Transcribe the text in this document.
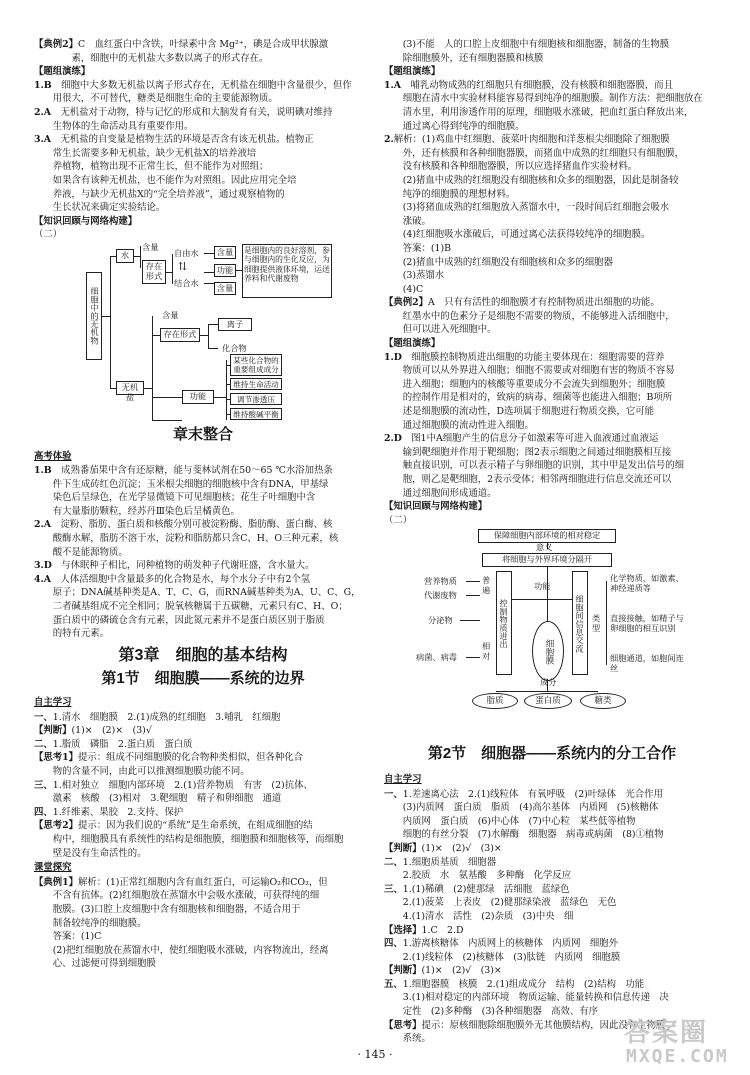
【典例2】C　血红蛋白中含铁，叶绿素中含 Mg²⁺，碘是合成甲状腺激

　　　　素，细胞中的无机盐大多数以离子的形式存在。

【题组演练】

1.B　细胞中大多数无机盐以离子形式存在，无机盐在细胞中含量很少，但作

　　用很大，不可替代，糖类是细胞生命的主要能源物质。

2.A　无机盐对于动物，特与记忆的形成和大脑发育有关，说明碘对维持

　　生物体的生命活动具有重要作用。

3.A　无机盐的自变量是植物生活的环境是否含有该无机盐。植物正

　　常生长需要多种无机盐，缺少无机盐X的培养液培

　　养植物，植物出现不正常生长，但不能作为对照组；

　　如果含有该种无机盐，也不能作为对照组。因此应用完全培

　　养液，与缺少无机盐X的“完全培养液”，通过观察植物的

　　生长状况来确定实验结论。

【知识回顾与网络构建】

（二）

细胞中的无机物
水
含量
存在形式
自由水
结合水
⇅
含量
功能
含量
是细胞内的良好溶剂，参与细胞内的生化反应，为细胞提供液体环境，运送养料和代谢废物
无机盐
含量
存在形式
离子
化合物
功能
某些化合物的重要组成成分
维持生命活动
调节渗透压
维持酸碱平衡
章末整合
高考体验

1.B　成熟番茄果中含有还原糖，能与斐林试剂在50～65 ℃水浴加热条

　　件下生成砖红色沉淀；玉米根尖细胞的细胞核中含有DNA，甲基绿

　　染色后呈绿色，在光学显微镜下可见细胞核；花生子叶细胞中含

　　有大量脂肪颗粒，经苏丹Ⅲ染色后呈橘黄色。

2.A　淀粉、脂肪、蛋白质和核酸分别可被淀粉酶、脂肪酶、蛋白酶、核

　　酸酶水解，脂肪不溶于水，淀粉和脂肪都只含C、H、O三种元素，核

　　酸不是能源物质。

3.D　与休眠种子相比，同种植物的萌发种子代谢旺盛，含水量大。

4.A　人体活细胞中含量最多的化合物是水，每个水分子中有2个氢

　　原子；DNA碱基种类是A、T、C、G，而RNA碱基种类为A、U、C、G，

　　二者碱基组成不完全相同；脱氧核糖属于五碳糖，元素只有C、H、O；

　　蛋白质中的磷硫仓含有元素，因此氮元素并不是蛋白质区别于脂质

　　的特有元素。

第3章　细胞的基本结构
第1节　细胞膜——系统的边界
自主学习

一、1.清水　细胞膜　2.(1)成熟的红细胞　3.哺乳　红细胞

【判断】(1)×　(2)×　(3)√

二、1.脂质　磷脂　2.蛋白质　蛋白质

【思考1】提示：组成不同细胞膜的化合物种类相似，但各种化合

　　物的含量不同，由此可以推测细胞膜功能不同。

三、1.相对独立　细胞内部环境　2.(1)营养物质　有害　(2)抗体、

　　激素　核酸　(3)相对　3.靶细胞　精子和卵细胞　通道

四、1.纤维素、果胶　2.支持、保护

【思考2】提示：因为我们说的“系统”是生命系统，在组成细胞的结

　　构中，细胞膜具有系统性的结构是细胞膜，细胞膜和细胞核等，而细胞

　　壁是没有生命活性的。

课堂探究

【典例1】解析：(1)正常红细胞内含有血红蛋白，可运输O₂和CO₂，但

　　不含有抗体。(2)红细胞放在蒸馏水中会吸水涨破，可获得纯的细

　　胞膜。(3)口腔上皮细胞中含有细胞核和细胞器，不适合用于

　　制备较纯净的细胞膜。

　　答案：(1)C

　　(2)把红细胞放在蒸馏水中，使红细胞吸水涨破，内容物流出，经离

　　心、过滤便可得到细胞膜

　　(3)不能　人的口腔上皮细胞中有细胞核和细胞器，制备的生物膜

　　除细胞膜外，还有细胞器膜和核膜

【题组演练】

1.A　哺乳动物成熟的红细胞只有细胞膜，没有核膜和细胞器膜，而且

　　细胞在清水中实验材料能容易得到纯净的细胞膜。制作方法：把细胞放在

　　清水里，利用渗透作用的原理，细胞吸水涨破，把血红蛋白释放出来，

　　通过离心得到纯净的细胞膜。

2.解析：(1)鸡血中红细胞、菠菜叶肉细胞和洋葱根尖细胞除了细胞膜

　　外，还有核膜和各种细胞器膜，而猪血中成熟的红细胞只有细胞膜，

　　没有核膜和各种细胞器膜，所以应选择猪血作实验材料。

　　(2)猪血中成熟的红细胞没有细胞核和众多的细胞器，因此是制备较

　　纯净的细胞膜的理想材料。

　　(3)将猪血成熟的红细胞放入蒸馏水中，一段时间后红细胞会吸水

　　涨破。

　　(4)红细胞吸水涨破后，可通过离心法获得较纯净的细胞膜。

　　答案：(1)B

　　(2)猪血中成熟的红细胞没有细胞核和众多的细胞器

　　(3)蒸馏水

　　(4)C

【典例2】A　只有有活性的细胞膜才有控制物质进出细胞的功能。

　　红墨水中的色素分子是细胞不需要的物质，不能够进入活细胞中，

　　但可以进入死细胞中。

【题组演练】

1.D　细胞膜控制物质进出细胞的功能主要体现在：细胞需要的营养

　　物质可以从外界进入细胞；细胞不需要或对细胞有害的物质不容易

　　进入细胞；细胞内的核酸等重要成分不会流失到细胞外；细胞膜

　　的控制作用是相对的，致病的病毒、细菌等也能进入细胞；B项所

　　述是细胞膜的流动性，D选项属于细胞进行物质交换，它可能

　　通过细胞膜的流动性进入细胞。

2.D　图1中A细胞产生的信息分子如激素等可进入血液通过血液运

　　输到靶细胞并作用于靶细胞；图2表示细胞之间通过细胞膜相互接

　　触直接识别，可以表示精子与卵细胞的识别，其中甲是发出信号的细

　　胞，则乙是靶细胞，2表示受体；相邻两细胞进行信息交流还可以

　　通过细胞间形成通道。

【知识回顾与网络构建】

（二）

保障细胞内部环境的相对稳定
意义
将细胞与外界环境分隔开
营养物质
代谢废物
分泌物
病菌、病毒
普遍
相对
控制物质进出
功能
细胞膜	细胞间信息交流 类型
化学物质，如激素、神经递质等
直接接触，如精子与卵细胞的相互识别
细胞通道，如胞间连丝
成分
脂质	蛋白质	糖类
第2节　细胞器——系统内的分工合作
自主学习

一、1.差速离心法　2.(1)线粒体　有氧呼吸　(2)叶绿体　光合作用

　　(3)内质网　蛋白质　脂质　(4)高尔基体　内质网　(5)核糖体

　　内质网　蛋白质　(6)中心体　(7)中心粒　某些低等植物

　　细胞的有丝分裂　(7)水解酶　细胞器　病毒或病菌　(8)①植物

【判断】(1)×　(2)√　(3)×

二、1.细胞质基质　细胞器

　　2.胶质　水　氨基酸　多种酶　化学反应

三、1.(1)稀碘　(2)健那绿　活细胞　蓝绿色

　　2.(1)菠菜　上表皮　(2)健那绿染液　蓝绿色　无色

　　4.(1)清水　活性　(2)杂质　(3)中央　细

【选择】1.C　2.D

四、1.游离核糖体　内质网上的核糖体　内质网　细胞外

　　2.(1)线粒体　(2)核糖体　(3)肽链　内质网　细胞膜

【判断】(1)×　(2)√　(3)×

五、1.细胞器膜　核膜　2.(1)组成成分　结构　(2)结构　功能

　　3.(1)相对稳定的内部环境　物质运输、能量转换和信息传递　决

　　定性　(2)多种酶　(3)各种细胞器　高效、有序

【思考】提示：原核细胞除细胞膜外无其他膜结构，因此没有生物膜

　　系统。

· 145 ·
答案圈
MXQE.COM
